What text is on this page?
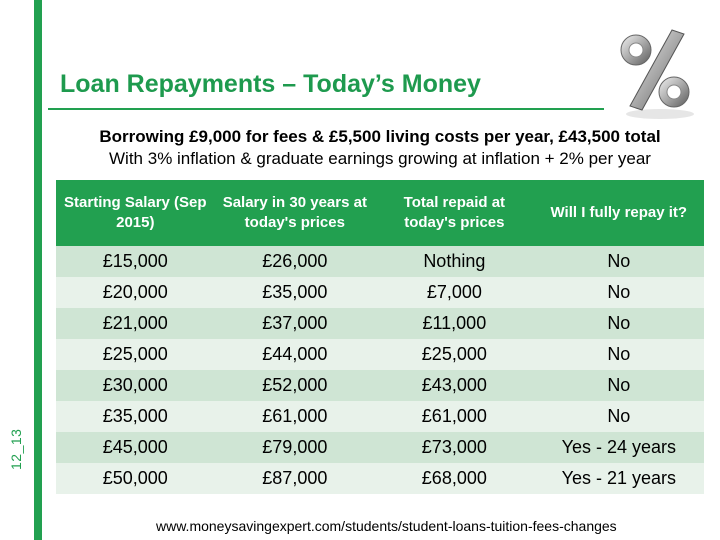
12_13
Loan Repayments – Today’s Money
Borrowing £9,000 for fees & £5,500 living costs per year, £43,500 total
With 3% inflation & graduate earnings growing at inflation + 2% per year
Starting Salary (Sep 2015)	Salary in 30 years at today's prices	Total repaid at today's prices	Will I fully repay it?
£15,000	£26,000	Nothing	No
£20,000	£35,000	£7,000	No
£21,000	£37,000	£11,000	No
£25,000	£44,000	£25,000	No
£30,000	£52,000	£43,000	No
£35,000	£61,000	£61,000	No
£45,000	£79,000	£73,000	Yes - 24 years
£50,000	£87,000	£68,000	Yes - 21 years
www.moneysavingexpert.com/students/student-loans-tuition-fees-changes
